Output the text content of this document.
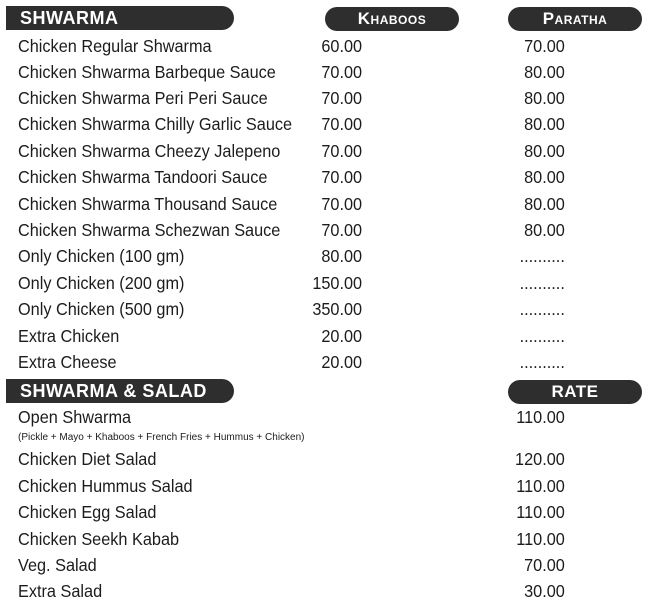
SHWARMA	Khaboos	Paratha
Chicken Regular Shwarma	60.00	70.00
Chicken Shwarma Barbeque Sauce	70.00	80.00
Chicken Shwarma Peri Peri Sauce	70.00	80.00
Chicken Shwarma Chilly Garlic Sauce 70.00	80.00
Chicken Shwarma Cheezy Jalepeno 70.00	80.00
Chicken Shwarma Tandoori Sauce	70.00	80.00
Chicken Shwarma Thousand Sauce	70.00	80.00
Chicken Shwarma Schezwan Sauce 70.00	80.00
Only Chicken (100 gm)	80.00	..........
Only Chicken (200 gm)	150.00	..........
Only Chicken (500 gm)	350.00	..........
Extra Chicken	20.00	..........
Extra Cheese	20.00	..........
SHWARMA & SALAD	RATE
Open Shwarma	110.00
(Pickle + Mayo + Khaboos + French Fries + Hummus + Chicken)
Chicken Diet Salad	120.00
Chicken Hummus Salad	110.00
Chicken Egg Salad	110.00
Chicken Seekh Kabab	110.00
Veg. Salad	70.00
Extra Salad	30.00
